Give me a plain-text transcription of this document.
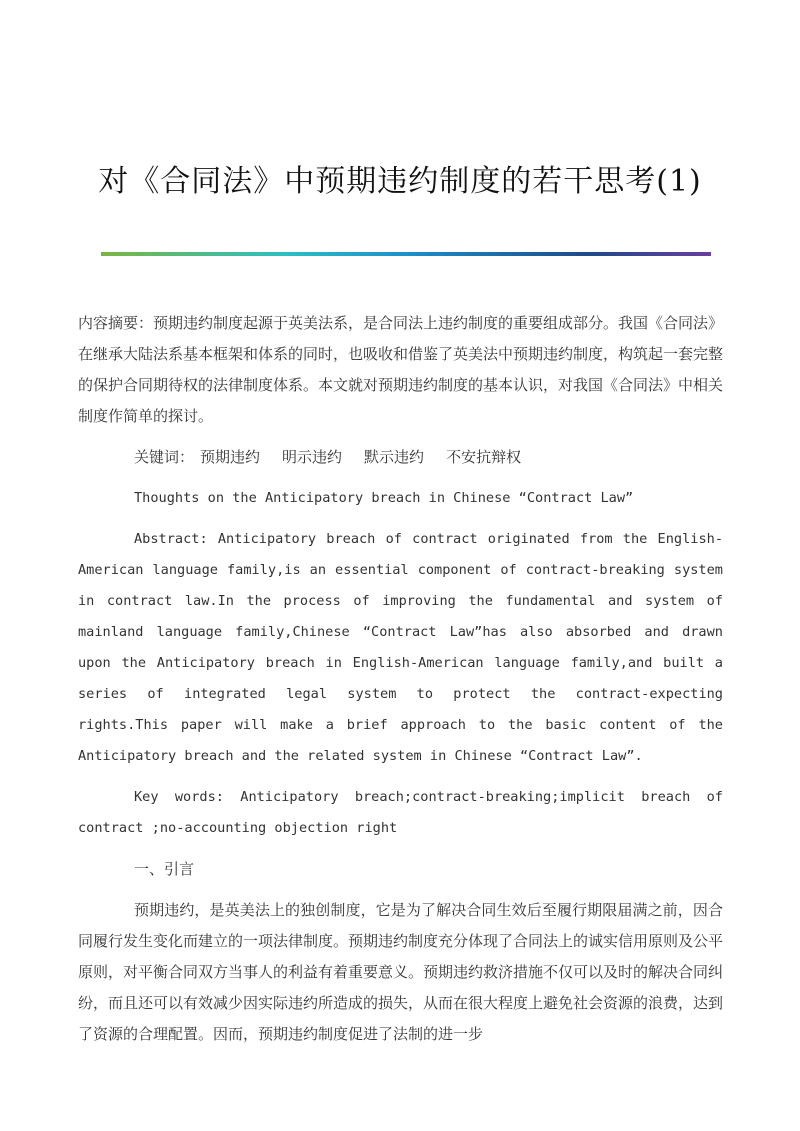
对《合同法》中预期违约制度的若干思考(1)

内容摘要：预期违约制度起源于英美法系，是合同法上违约制度的重要组成部分。我国《合同法》在继承大陆法系基本框架和体系的同时，也吸收和借鉴了英美法中预期违约制度，构筑起一套完整的保护合同期待权的法律制度体系。本文就对预期违约制度的基本认识，对我国《合同法》中相关制度作简单的探讨。

关键词： 预期违约 明示违约 默示违约 不安抗辩权

Thoughts on the Anticipatory breach in Chinese “Contract Law”

Abstract: Anticipatory breach of contract originated from the English-American language family,is an essential component of contract-breaking system in contract law.In the process of improving the fundamental and system of mainland language family,Chinese “Contract Law”has also absorbed and drawn upon the Anticipatory breach in English-American language family,and built a series of integrated legal system to protect the contract-expecting rights.This paper will make a brief approach to the basic content of the Anticipatory breach and the related system in Chinese “Contract Law”.

Key words: Anticipatory breach;contract-breaking;implicit breach of contract ;no-accounting objection right

一、引言

预期违约，是英美法上的独创制度，它是为了解决合同生效后至履行期限届满之前，因合同履行发生变化而建立的一项法律制度。预期违约制度充分体现了合同法上的诚实信用原则及公平原则，对平衡合同双方当事人的利益有着重要意义。预期违约救济措施不仅可以及时的解决合同纠纷，而且还可以有效减少因实际违约所造成的损失，从而在很大程度上避免社会资源的浪费，达到了资源的合理配置。因而，预期违约制度促进了法制的进一步
